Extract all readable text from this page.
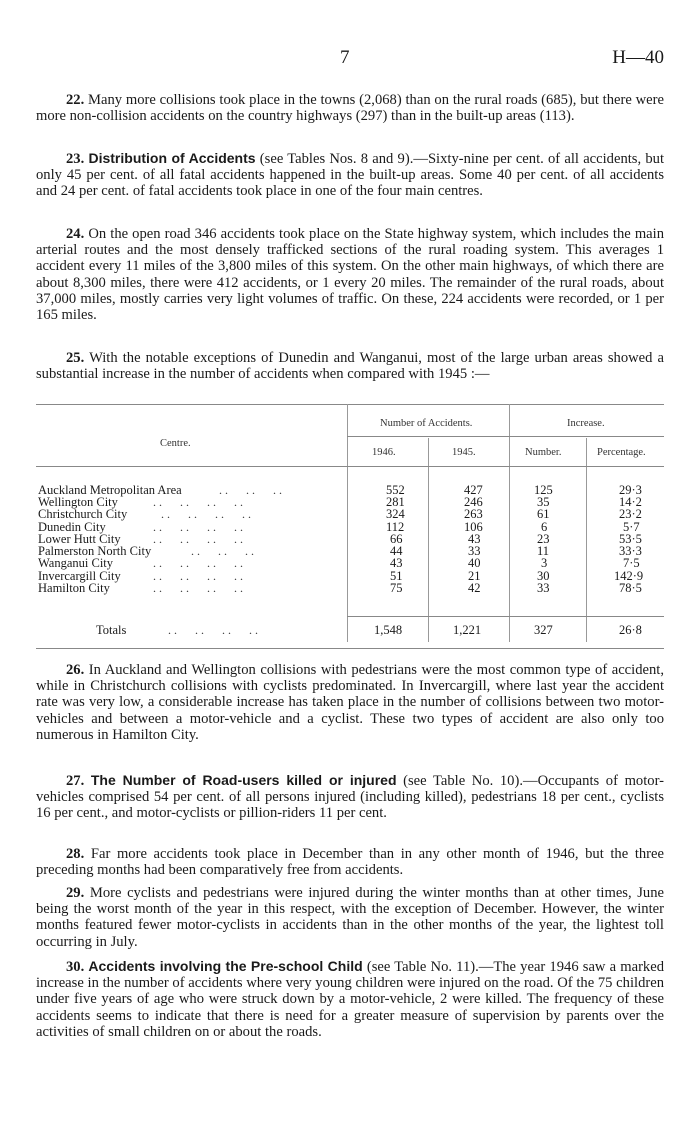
7	H—40
22. Many more collisions took place in the towns (2,068) than on the rural roads (685), but there were more non-collision accidents on the country highways (297) than in the built-up areas (113).
23. Distribution of Accidents (see Tables Nos. 8 and 9).—Sixty-nine per cent. of all accidents, but only 45 per cent. of all fatal accidents happened in the built-up areas. Some 40 per cent. of all accidents and 24 per cent. of fatal accidents took place in one of the four main centres.
24. On the open road 346 accidents took place on the State highway system, which includes the main arterial routes and the most densely trafficked sections of the rural roading system. This averages 1 accident every 11 miles of the 3,800 miles of this system. On the other main highways, of which there are about 8,300 miles, there were 412 accidents, or 1 every 20 miles. The remainder of the rural roads, about 37,000 miles, mostly carries very light volumes of traffic. On these, 224 accidents were recorded, or 1 per 165 miles.
25. With the notable exceptions of Dunedin and Wanganui, most of the large urban areas showed a substantial increase in the number of accidents when compared with 1945 :—
Centre.
Number of Accidents.	Increase.
1946.	1945.	Number.	Percentage.
Auckland Metropolitan Area	. .      . .      . .	552	427	125	29·3
Wellington City	. .      . .      . .      . .	281	246	35	14·2
Christchurch City	. .      . .      . .      . .	324	263	61	23·2
Dunedin City	. .      . .      . .      . .	112	106	6	5·7
Lower Hutt City . .      . .      . .      . .	66	43	23	53·5
Palmerston North City	. .      . .      . .	44	33	11	33·3
Wanganui City	. .      . .      . .      . .	43	40	3	7·5
Invercargill City . .      . .      . .      . .	51	21	30	142·9
Hamilton City	. .      . .      . .      . .	75	42	33	78·5
Totals	. .      . .      . .      . .	1,548	1,221	327	26·8
26. In Auckland and Wellington collisions with pedestrians were the most common type of accident, while in Christchurch collisions with cyclists predominated. In Invercargill, where last year the accident rate was very low, a considerable increase has taken place in the number of collisions between two motor-vehicles and between a motor-vehicle and a cyclist. These two types of accident are also only too numerous in Hamilton City.
27. The Number of Road-users killed or injured (see Table No. 10).—Occupants of motor-vehicles comprised 54 per cent. of all persons injured (including killed), pedestrians 18 per cent., cyclists 16 per cent., and motor-cyclists or pillion-riders 11 per cent.
28. Far more accidents took place in December than in any other month of 1946, but the three preceding months had been comparatively free from accidents.
29. More cyclists and pedestrians were injured during the winter months than at other times, June being the worst month of the year in this respect, with the exception of December. However, the winter months featured fewer motor-cyclists in accidents than in the other months of the year, the lightest toll occurring in July.
30. Accidents involving the Pre-school Child (see Table No. 11).—The year 1946 saw a marked increase in the number of accidents where very young children were injured on the road. Of the 75 children under five years of age who were struck down by a motor-vehicle, 2 were killed. The frequency of these accidents seems to indicate that there is need for a greater measure of supervision by parents over the activities of small children on or about the roads.
